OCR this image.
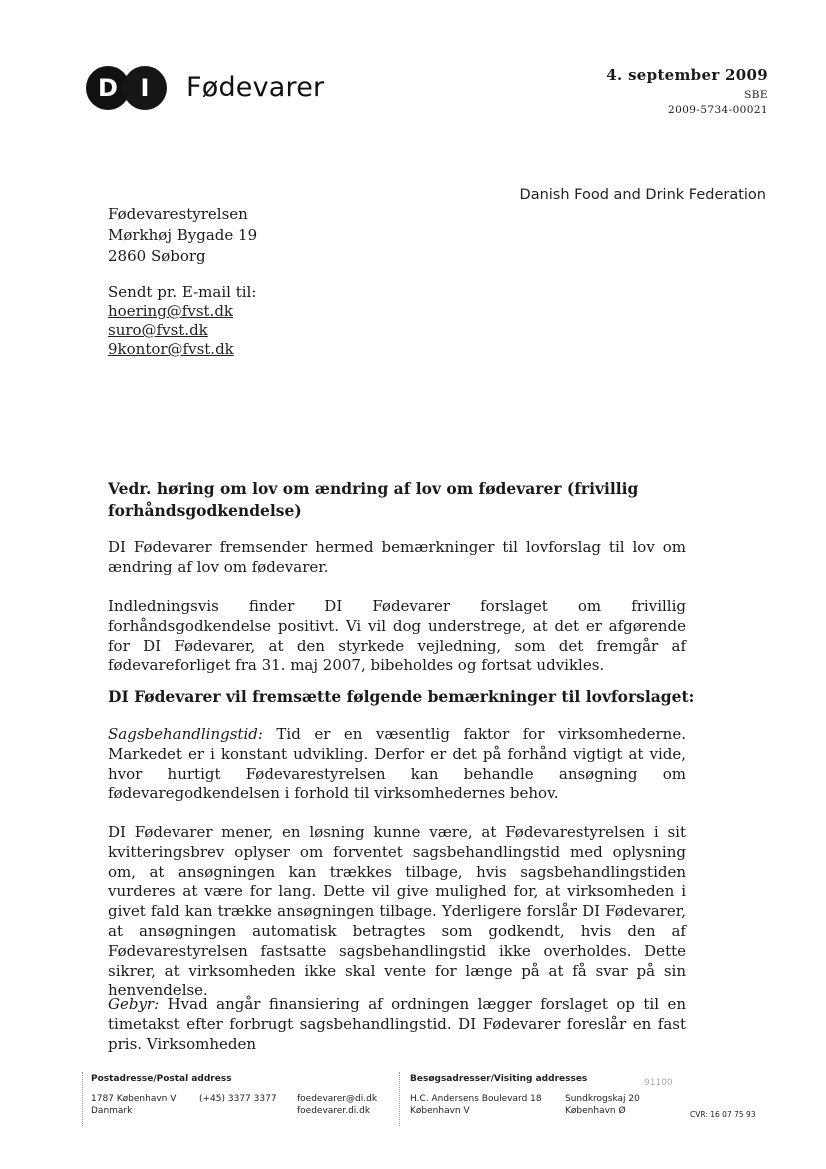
D I Fødevarer	4. september 2009
SBE
2009-5734-00021
Danish Food and Drink Federation
Fødevarestyrelsen
Mørkhøj Bygade 19
2860 Søborg
Sendt pr. E-mail til:
hoering@fvst.dk
suro@fvst.dk
9kontor@fvst.dk
Vedr. høring om lov om ændring af lov om fødevarer (frivillig forhåndsgodkendelse)
DI Fødevarer fremsender hermed bemærkninger til lovforslag til lov om ændring af lov om fødevarer.
Indledningsvis finder DI Fødevarer forslaget om frivillig forhåndsgodkendelse positivt. Vi vil dog understrege, at det er afgørende for DI Fødevarer, at den styrkede vejledning, som det fremgår af fødevareforliget fra 31. maj 2007, bibeholdes og fortsat udvikles.
DI Fødevarer vil fremsætte følgende bemærkninger til lovforslaget:
Sagsbehandlingstid: Tid er en væsentlig faktor for virksomhederne. Markedet er i konstant udvikling. Derfor er det på forhånd vigtigt at vide, hvor hurtigt Fødevarestyrelsen kan behandle ansøgning om fødevaregodkendelsen i forhold til virksomhedernes behov.
DI Fødevarer mener, en løsning kunne være, at Fødevarestyrelsen i sit kvitteringsbrev oplyser om forventet sagsbehandlingstid med oplysning om, at ansøgningen kan trækkes tilbage, hvis sagsbehandlingstiden vurderes at være for lang. Dette vil give mulighed for, at virksomheden i givet fald kan trække ansøgningen tilbage. Yderligere forslår DI Fødevarer, at ansøgningen automatisk betragtes som godkendt, hvis den af Fødevarestyrelsen fastsatte sagsbehandlingstid ikke overholdes. Dette sikrer, at virksomheden ikke skal vente for længe på at få svar på sin henvendelse.
Gebyr: Hvad angår finansiering af ordningen lægger forslaget op til en timetakst efter forbrugt sagsbehandlingstid. DI Fødevarer foreslår en fast pris. Virksomheden
Postadresse/Postal address
1787 København V
Danmark
(+45) 3377 3377 foedevarer@di.dk
foedevarer.di.dk
Besøgsadresser/Visiting addresses
H.C. Andersens Boulevard 18
København V
Sundkrogskaj 20
København Ø
91100
CVR: 16 07 75 93
